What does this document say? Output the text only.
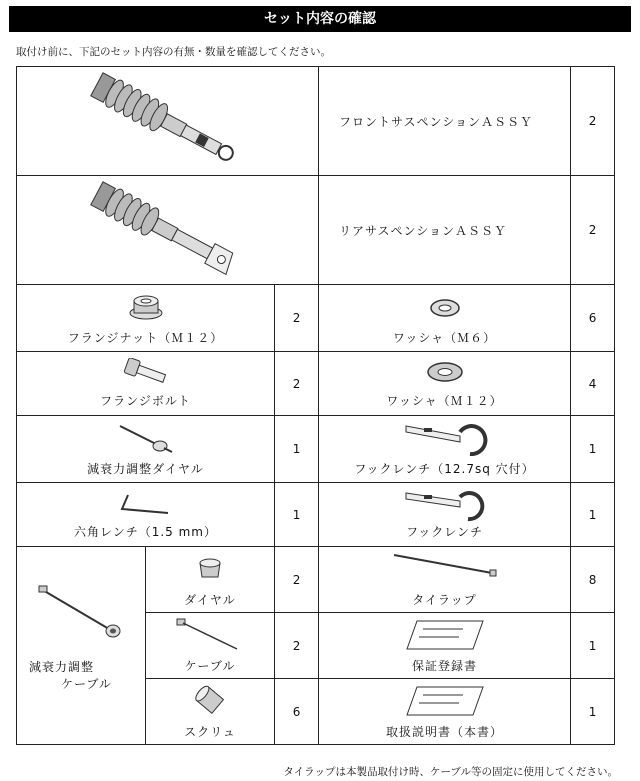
セット内容の確認
取付け前に、下記のセット内容の有無・数量を確認してください。
	フロントサスペンションＡＳＳＹ	2

	リアサスペンションＡＳＳＹ	2

フランジナット（Ｍ１２）		2	ワッシャ（Ｍ６）	6

フランジボルト		2	ワッシャ（Ｍ１２）	4

減衰力調整ダイヤル		1	フックレンチ（12.7sq 穴付）	1

六角レンチ（1.5 mm）		1	フックレンチ	1

減衰力調整
ケーブル	ダイヤル	2	タイラップ	8

	ケーブル	2	保証登録書	1

	スクリュ	6	取扱説明書（本書）	1
タイラップは本製品取付け時、ケーブル等の固定に使用してください。
